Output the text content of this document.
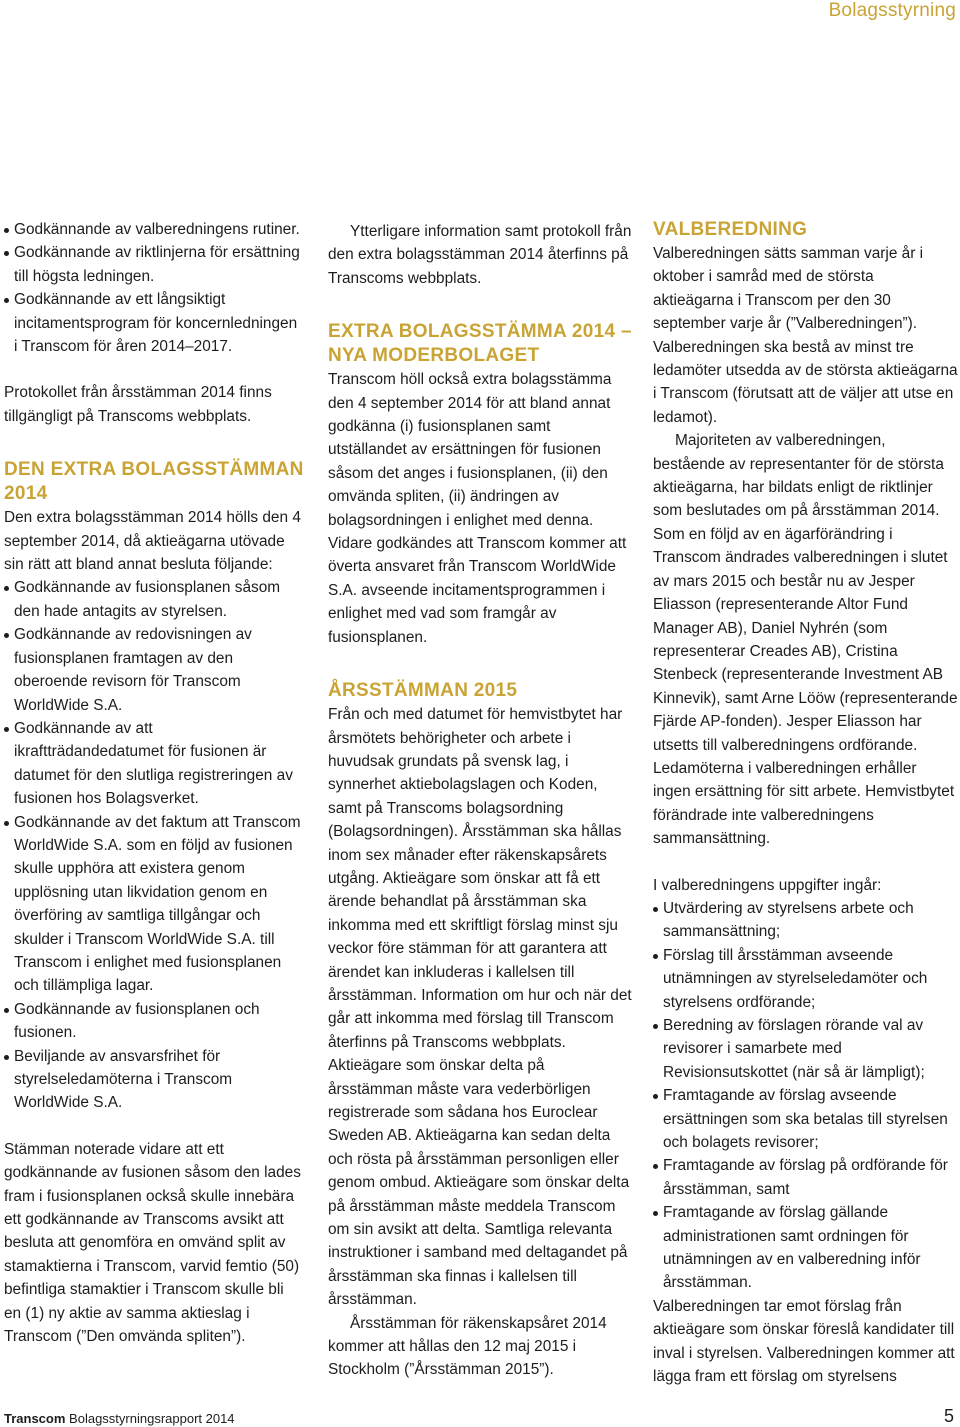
Bolagsstyrning
Godkännande av valberedningens rutiner.
Godkännande av riktlinjerna för ersättning till högsta ledningen.
Godkännande av ett långsiktigt incitamentsprogram för koncernledningen i Transcom för åren 2014–2017.

Protokollet från årsstämman 2014 finns tillgängligt på Transcoms webbplats.

DEN EXTRA BOLAGSSTÄMMAN 2014

Den extra bolagsstämman 2014 hölls den 4 september 2014, då aktieägarna utövade sin rätt att bland annat besluta följande:

Godkännande av fusionsplanen såsom den hade antagits av styrelsen.
Godkännande av redovisningen av fusionsplanen framtagen av den oberoende revisorn för Transcom WorldWide S.A.
Godkännande av att ikraftträdandedatumet för fusionen är datumet för den slutliga registreringen av fusionen hos Bolagsverket.
Godkännande av det faktum att Transcom WorldWide S.A. som en följd av fusionen skulle upphöra att existera genom upplösning utan likvidation genom en överföring av samtliga tillgångar och skulder i Transcom WorldWide S.A. till Transcom i enlighet med fusionsplanen och tillämpliga lagar.
Godkännande av fusionsplanen och fusionen.
Beviljande av ansvarsfrihet för styrelseledamöterna i Transcom WorldWide S.A.

Stämman noterade vidare att ett godkännande av fusionen såsom den lades fram i fusionsplanen också skulle innebära ett godkännande av Transcoms avsikt att besluta att genomföra en omvänd split av stamaktierna i Transcom, varvid femtio (50) befintliga stamaktier i Transcom skulle bli en (1) ny aktie av samma aktieslag i Transcom (”Den omvända spliten”).

Ytterligare information samt protokoll från den extra bolagsstämman 2014 återfinns på Transcoms webbplats.

EXTRA BOLAGSSTÄMMA 2014 – NYA MODERBOLAGET

Transcom höll också extra bolagsstämma den 4 september 2014 för att bland annat godkänna (i) fusionsplanen samt utställandet av ersättningen för fusionen såsom det anges i fusionsplanen, (ii) den omvända spliten, (ii) ändringen av bolagsordningen i enlighet med denna. Vidare godkändes att Transcom kommer att överta ansvaret från Transcom WorldWide S.A. avseende incitamentsprogrammen i enlighet med vad som framgår av fusionsplanen.

ÅRSSTÄMMAN 2015

Från och med datumet för hemvistbytet har årsmötets behörigheter och arbete i huvudsak grundats på svensk lag, i synnerhet aktiebolagslagen och Koden, samt på Transcoms bolagsordning (Bolagsordningen). Årsstämman ska hållas inom sex månader efter räkenskapsårets utgång. Aktieägare som önskar att få ett ärende behandlat på årsstämman ska inkomma med ett skriftligt förslag minst sju veckor före stämman för att garantera att ärendet kan inkluderas i kallelsen till årsstämman. Information om hur och när det går att inkomma med förslag till Transcom återfinns på Transcoms webbplats. Aktieägare som önskar delta på årsstämman måste vara vederbörligen registrerade som sådana hos Euroclear Sweden AB. Aktieägarna kan sedan delta och rösta på årsstämman personligen eller genom ombud. Aktieägare som önskar delta på årsstämman måste meddela Transcom om sin avsikt att delta. Samtliga relevanta instruktioner i samband med deltagandet på årsstämman ska finnas i kallelsen till årsstämman.

Årsstämman för räkenskapsåret 2014 kommer att hållas den 12 maj 2015 i Stockholm (”Årsstämman 2015”).

VALBEREDNING

Valberedningen sätts samman varje år i oktober i samråd med de största aktieägarna i Transcom per den 30 september varje år (”Valberedningen”). Valberedningen ska bestå av minst tre ledamöter utsedda av de största aktieägarna i Transcom (förutsatt att de väljer att utse en ledamot).

Majoriteten av valberedningen, bestående av representanter för de största aktieägarna, har bildats enligt de riktlinjer som beslutades om på årsstämman 2014. Som en följd av en ägarförändring i Transcom ändrades valberedningen i slutet av mars 2015 och består nu av Jesper Eliasson (representerande Altor Fund Manager AB), Daniel Nyhrén (som representerar Creades AB), Cristina Stenbeck (representerande Investment AB Kinnevik), samt Arne Lööw (representerande Fjärde AP-fonden). Jesper Eliasson har utsetts till valberedningens ordförande. Ledamöterna i valberedningen erhåller ingen ersättning för sitt arbete. Hemvistbytet förändrade inte valberedningens sammansättning.

I valberedningens uppgifter ingår:

Utvärdering av styrelsens arbete och sammansättning;
Förslag till årsstämman avseende utnämningen av styrelseledamöter och styrelsens ordförande;
Beredning av förslagen rörande val av revisorer i samarbete med Revisionsutskottet (när så är lämpligt);
Framtagande av förslag avseende ersättningen som ska betalas till styrelsen och bolagets revisorer;
Framtagande av förslag på ordförande för årsstämman, samt
Framtagande av förslag gällande administrationen samt ordningen för utnämningen av en valberedning inför årsstämman.

Valberedningen tar emot förslag från aktieägare som önskar föreslå kandidater till inval i styrelsen. Valberedningen kommer att lägga fram ett förslag om styrelsens

Transcom Bolagsstyrningsrapport 2014	5
